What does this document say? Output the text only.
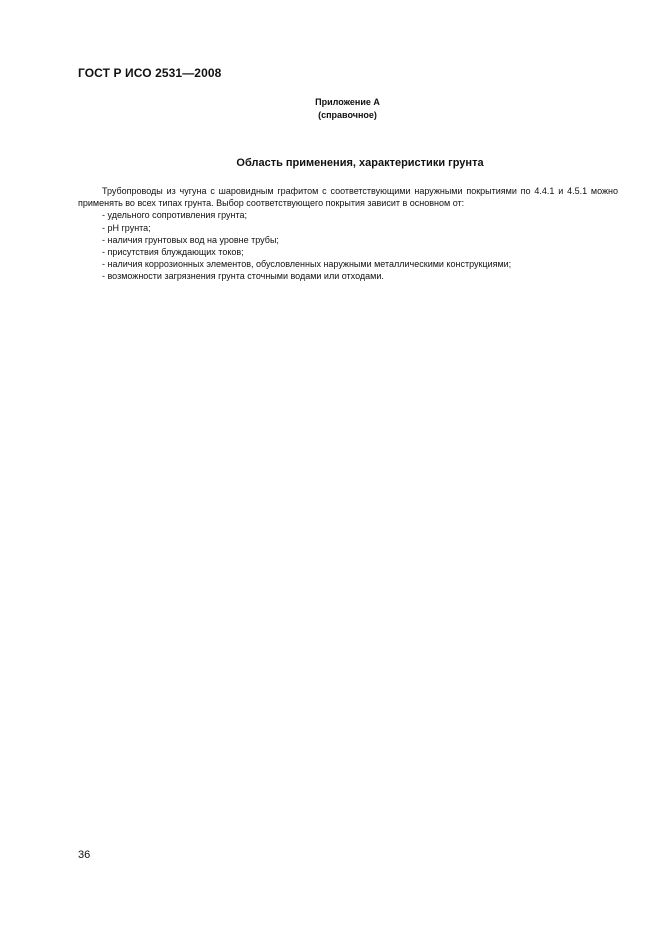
ГОСТ Р ИСО 2531—2008
Приложение А
(справочное)
Область применения, характеристики грунта

Трубопроводы из чугуна с шаровидным графитом с соответствующими наружными покрытиями по 4.4.1 и 4.5.1 можно применять во всех типах грунта. Выбор соответствующего покрытия зависит в основном от:

- удельного сопротивления грунта;
- рН грунта;
- наличия грунтовых вод на уровне трубы;
- присутствия блуждающих токов;
- наличия коррозионных элементов, обусловленных наружными металлическими конструкциями;
- возможности загрязнения грунта сточными водами или отходами.
36
